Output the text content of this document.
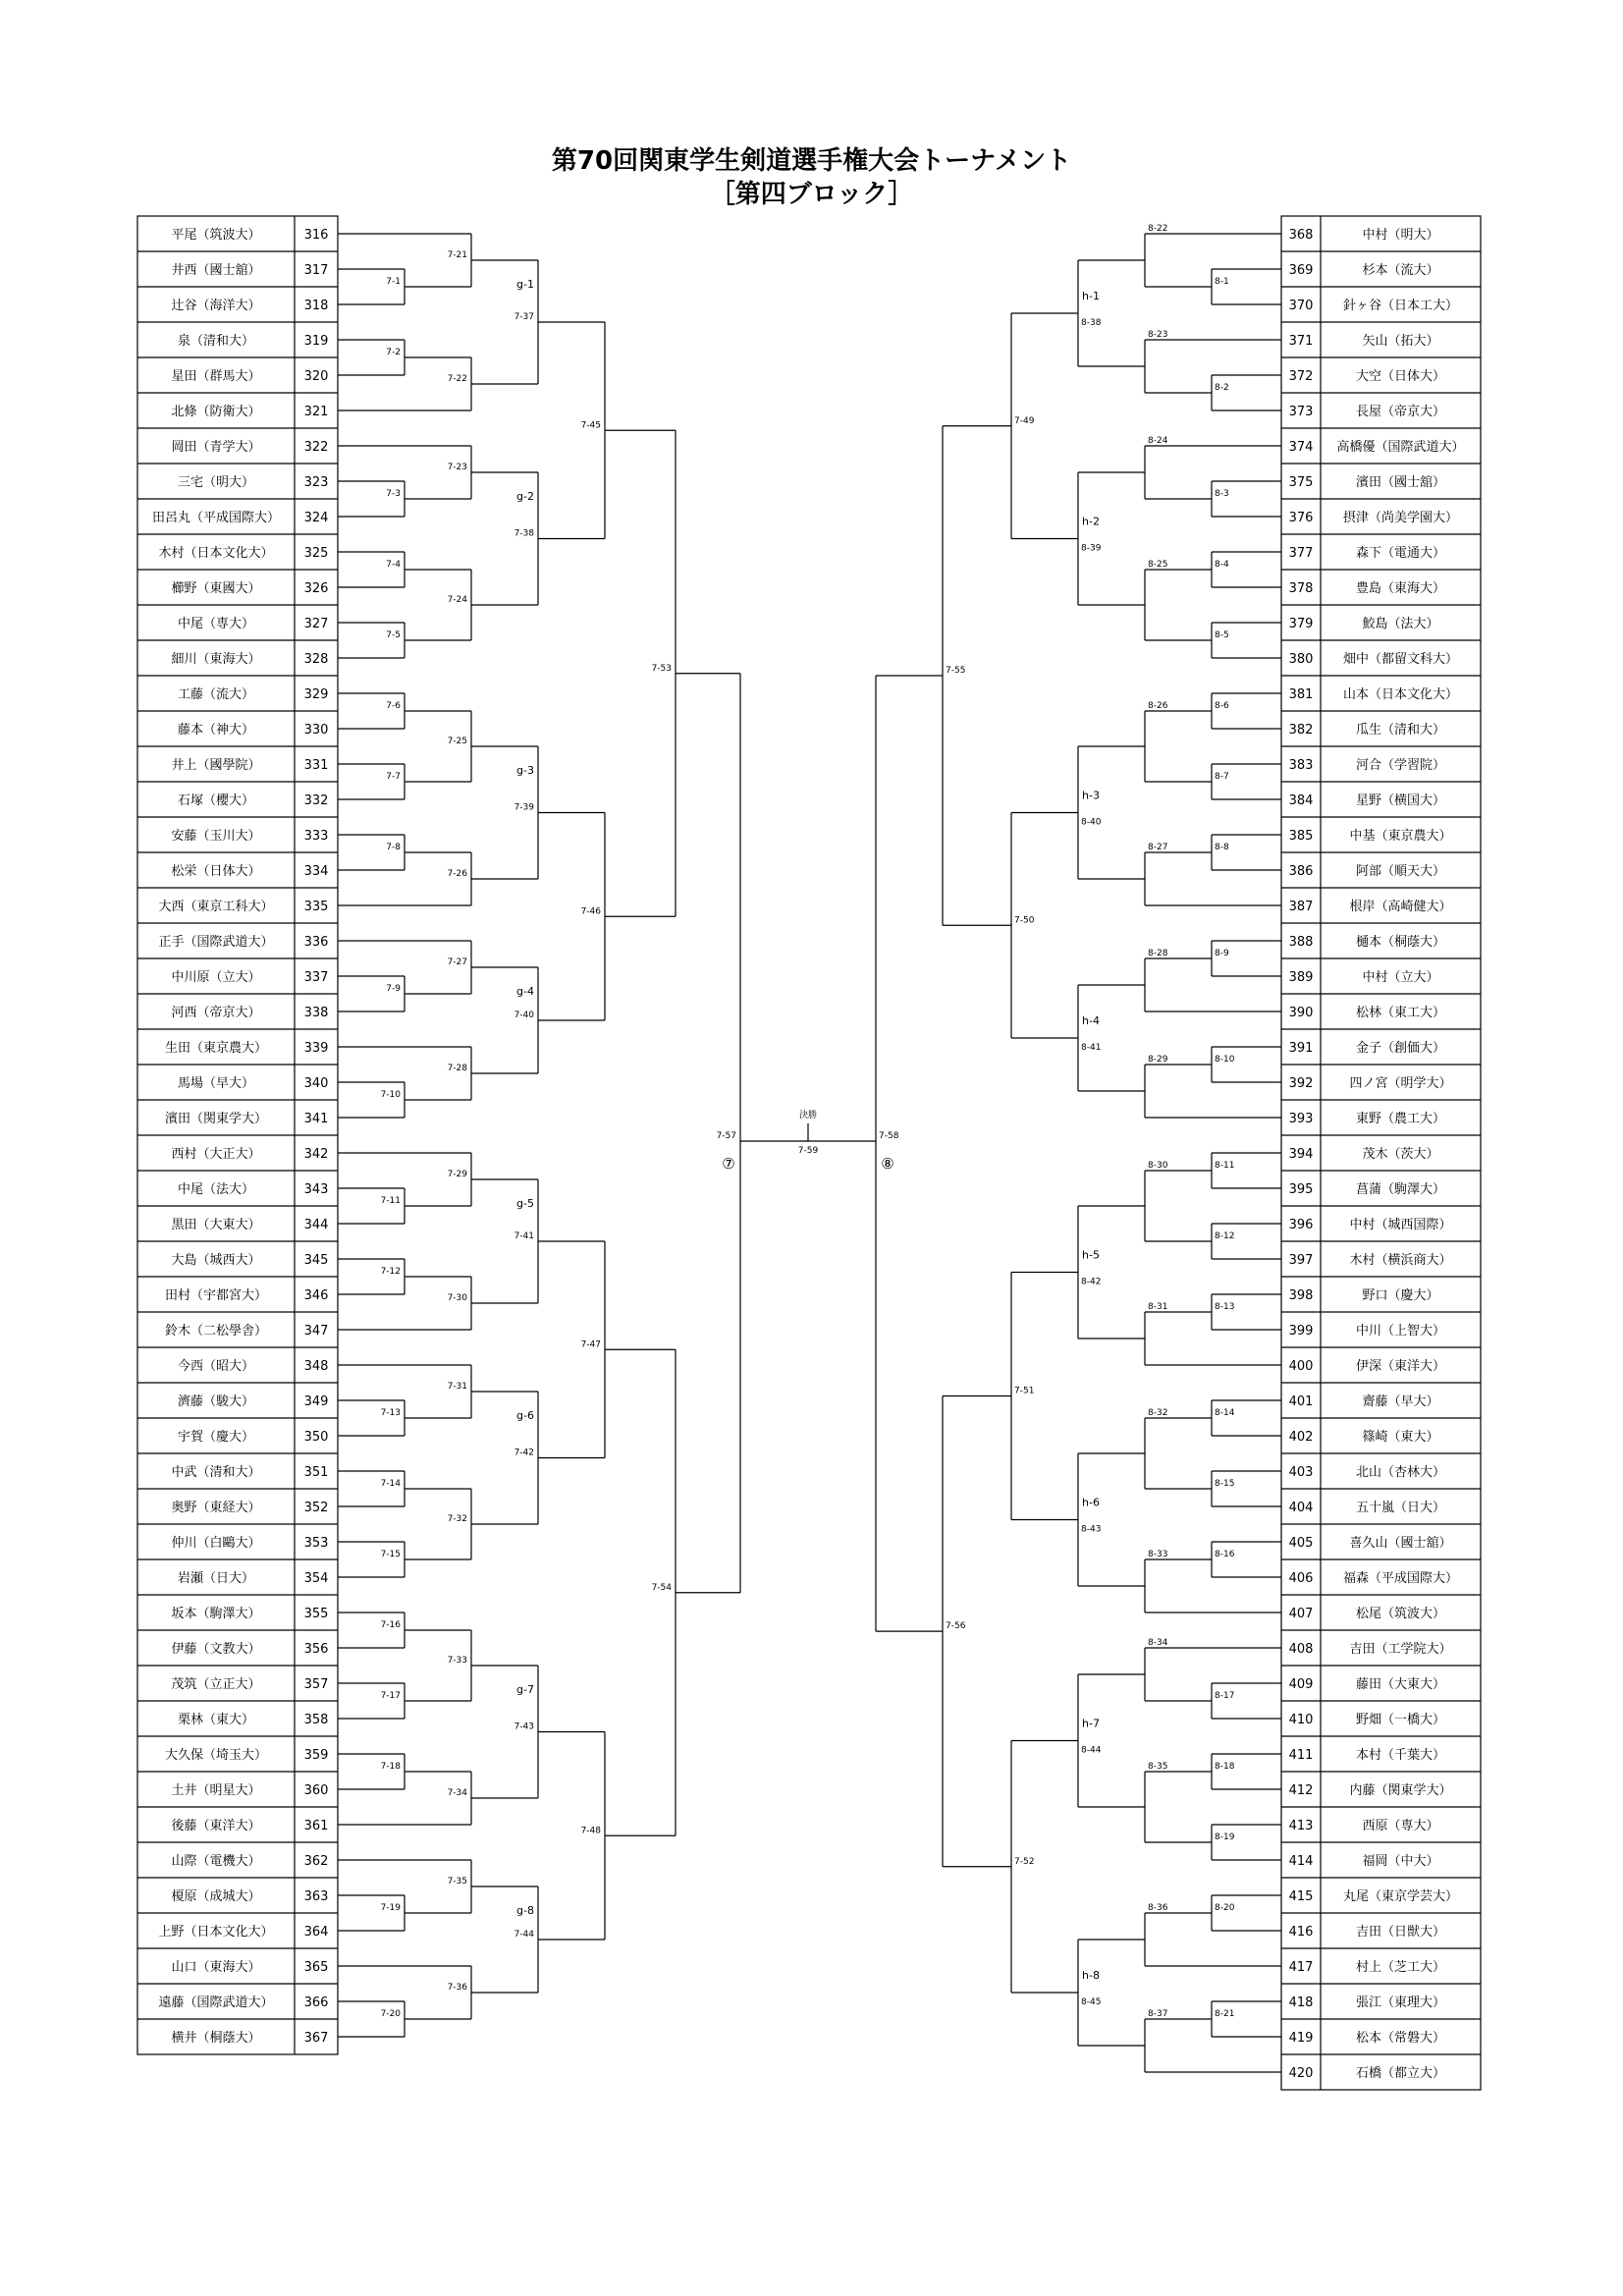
第70回関東学生剣道選手権大会トーナメント
［第四ブロック］
平尾（筑波大）	316
井西（國士舘）	317
辻谷（海洋大）	318
泉（清和大）	319
星田（群馬大）	320
北條（防衛大）	321
岡田（青学大）	322
三宅（明大）	323
田呂丸（平成国際大） 324
木村（日本文化大） 325
櫛野（東國大）	326
中尾（専大）	327
細川（東海大）	328
工藤（流大）	329
藤本（神大）	330
井上（國學院）	331
石塚（櫻大）	332
安藤（玉川大）	333
松栄（日体大）	334
大西（東京工科大） 335
正手（国際武道大） 336
中川原（立大）	337
河西（帝京大）	338
生田（東京農大）	339
馬場（早大）	340
濱田（関東学大）	341
西村（大正大）	342
中尾（法大）	343
黒田（大東大）	344
大島（城西大）	345
田村（宇都宮大）	346
鈴木（二松學舎）	347
今西（昭大）	348
濟藤（駿大）	349
宇賀（慶大）	350
中武（清和大）	351
奥野（東経大）	352
仲川（白鷗大）	353
岩瀬（日大）	354
坂本（駒澤大）	355
伊藤（文教大）	356
茂筑（立正大）	357
栗林（東大）	358
大久保（埼玉大）	359
土井（明星大）	360
後藤（東洋大）	361
山際（電機大）	362
榎原（成城大）	363
上野（日本文化大） 364
山口（東海大）	365
遠藤（国際武道大） 366
横井（桐蔭大）	367
368	中村（明大）
369	杉本（流大）
370 針ヶ谷（日本工大）
371	矢山（拓大）
372	大空（日体大）
373	長屋（帝京大）
374 高橋優（国際武道大）
375	濱田（國士舘）
376 摂津（尚美学園大）
377	森下（電通大）
378	豊島（東海大）
379	鮫島（法大）
380 畑中（都留文科大）
381 山本（日本文化大）
382	瓜生（清和大）
383	河合（学習院）
384	星野（横国大）
385	中基（東京農大）
386	阿部（順天大）
387	根岸（高崎健大）
388	樋本（桐蔭大）
389	中村（立大）
390	松林（東工大）
391	金子（創価大）
392	四ノ宮（明学大）
393	東野（農工大）
394	茂木（茨大）
395	菖蒲（駒澤大）
396	中村（城西国際）
397	木村（横浜商大）
398	野口（慶大）
399	中川（上智大）
400	伊深（東洋大）
401	齋藤（早大）
402	篠崎（東大）
403	北山（杏林大）
404	五十嵐（日大）
405	喜久山（國士舘）
406 福森（平成国際大）
407	松尾（筑波大）
408	吉田（工学院大）
409	藤田（大東大）
410	野畑（一橋大）
411	本村（千葉大）
412	内藤（関東学大）
413	西原（専大）
414	福岡（中大）
415 丸尾（東京学芸大）
416	吉田（日獣大）
417	村上（芝工大）
418	張江（東理大）
419	松本（常磐大）
420	石橋（都立大）
7-1
7-2
7-21
7-22
7-37
g-1
7-3
7-4
7-5
7-23
7-24
7-38
g-2
7-6
7-7
7-8
7-25
7-26
7-39
g-3
7-9
7-10
7-27
7-28
7-40
g-4
7-11
7-12
7-29
7-30
7-41
g-5
7-13
7-14
7-15
7-31
7-32
7-42
g-6
7-16
7-17
7-18
7-33
7-34
7-43
g-7
7-19
7-20
7-35
7-36
7-44
g-8
7-45
7-46
7-47
7-48
7-53
7-54
8-1
8-22
8-2
8-23
8-38
h-1
8-3
8-24
8-4
8-5
8-25
8-39
h-2
8-6
8-7
8-26
8-8
8-27
8-40
h-3
8-9
8-28
8-10
8-29
8-41
h-4
8-11
8-12
8-30
8-13
8-31
8-42
h-5
8-14
8-15
8-32
8-16
8-33
8-43
h-6
8-17
8-34
8-18
8-19
8-35
8-44
h-7
8-20
8-36
8-21
8-37
8-45
h-8
7-49
7-50
7-51
7-52
7-55
7-56
7-57	7-58
決勝
7-59
⑦	⑧
